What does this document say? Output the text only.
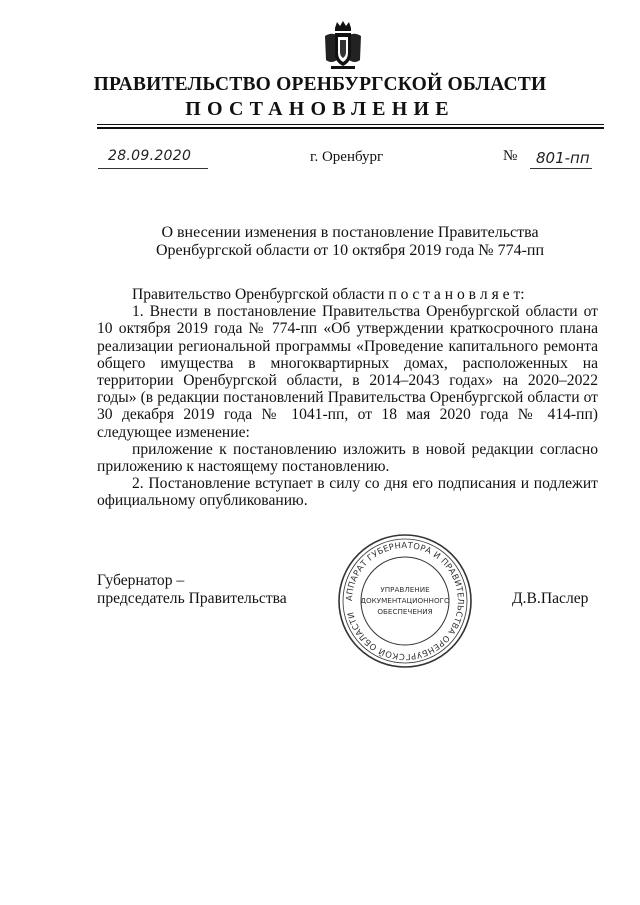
ПРАВИТЕЛЬСТВО ОРЕНБУРГСКОЙ ОБЛАСТИ
ПОСТАНОВЛЕНИЕ
28.09.2020	г. Оренбург	№ 801-пп
О внесении изменения в постановление Правительства
Оренбургской области от 10 октября 2019 года № 774-пп

Правительство Оренбургской области п о с т а н о в л я е т:

1. Внести в постановление Правительства Оренбургской области от 10 октября 2019 года № 774-пп «Об утверждении краткосрочного плана реализации региональной программы «Проведение капитального ремонта общего имущества в многоквартирных домах, расположенных на территории Оренбургской области, в 2014–2043 годах» на 2020–2022 годы» (в редакции постановлений Правительства Оренбургской области от 30 декабря 2019 года № 1041-пп, от 18 мая 2020 года № 414-пп) следующее изменение:

приложение к постановлению изложить в новой редакции согласно приложению к настоящему постановлению.

2. Постановление вступает в силу со дня его подписания и подлежит официальному опубликованию.

Губернатор –
председатель Правительства	Д.В.Паслер
АППАРАТ ГУБЕРНАТОРА И ПРАВИТЕЛЬСТВА ОРЕНБУРГСКОЙ ОБЛАСТИ
УПРАВЛЕНИЕ
ДОКУМЕНТАЦИОННОГО
ОБЕСПЕЧЕНИЯ
